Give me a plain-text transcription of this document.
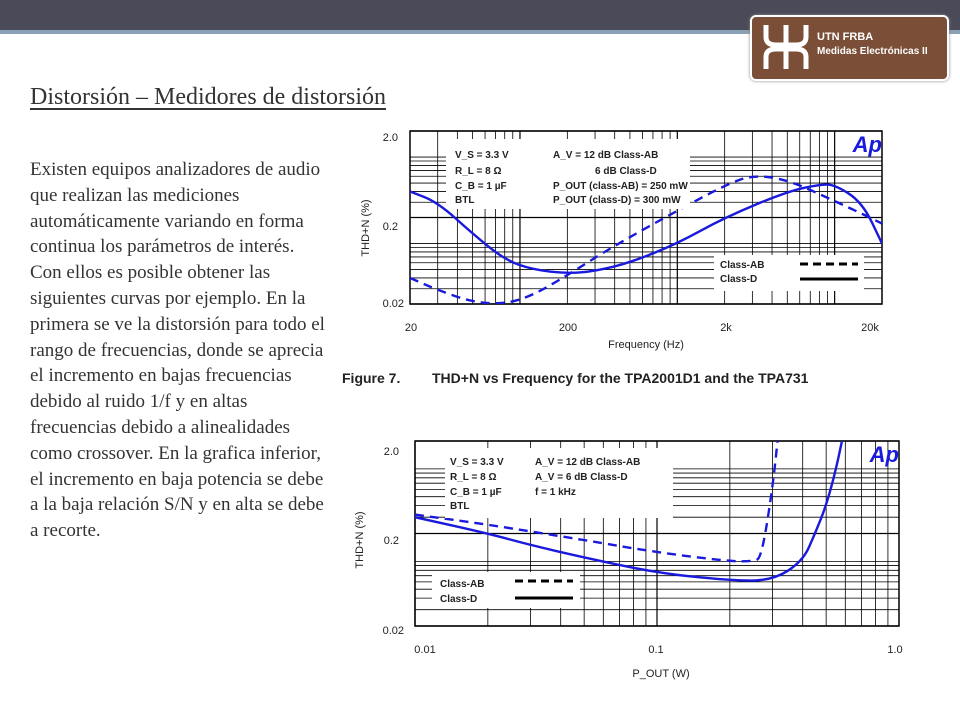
UTN FRBA
Medidas Electrónicas II
Distorsión – Medidores de distorsión
Existen equipos analizadores de audio que realizan las mediciones automáticamente variando en forma continua los parámetros de interés. Con ellos es posible obtener las siguientes curvas por ejemplo. En la primera se ve la distorsión para todo el rango de frecuencias, donde se aprecia el incremento en bajas frecuencias debido al ruido 1/f y en altas frecuencias debido a alinealidades como crossover. En la grafica inferior, el incremento en baja potencia se debe a la baja relación S/N y en alta se debe a recorte.
V_S = 3.3 V
R_L = 8 Ω
C_B = 1 µF
BTL
A_V = 12 dB Class-AB
6 dB Class-D
P_OUT (class-AB) = 250 mW
P_OUT (class-D) = 300 mW
Class-AB
Class-D
Ap
2.0
0.2
0.02
20	200	2k	20k
Frequency (Hz)
THD+N (%)
Figure 7. THD+N vs Frequency for the TPA2001D1 and the TPA731
V_S = 3.3 V
R_L = 8 Ω
C_B = 1 µF
BTL
A_V = 12 dB Class-AB
A_V = 6 dB Class-D
f = 1 kHz
Class-AB
Class-D
Ap
2.0
0.2
0.02
0.01	0.1	1.0
P_OUT (W)
THD+N (%)
